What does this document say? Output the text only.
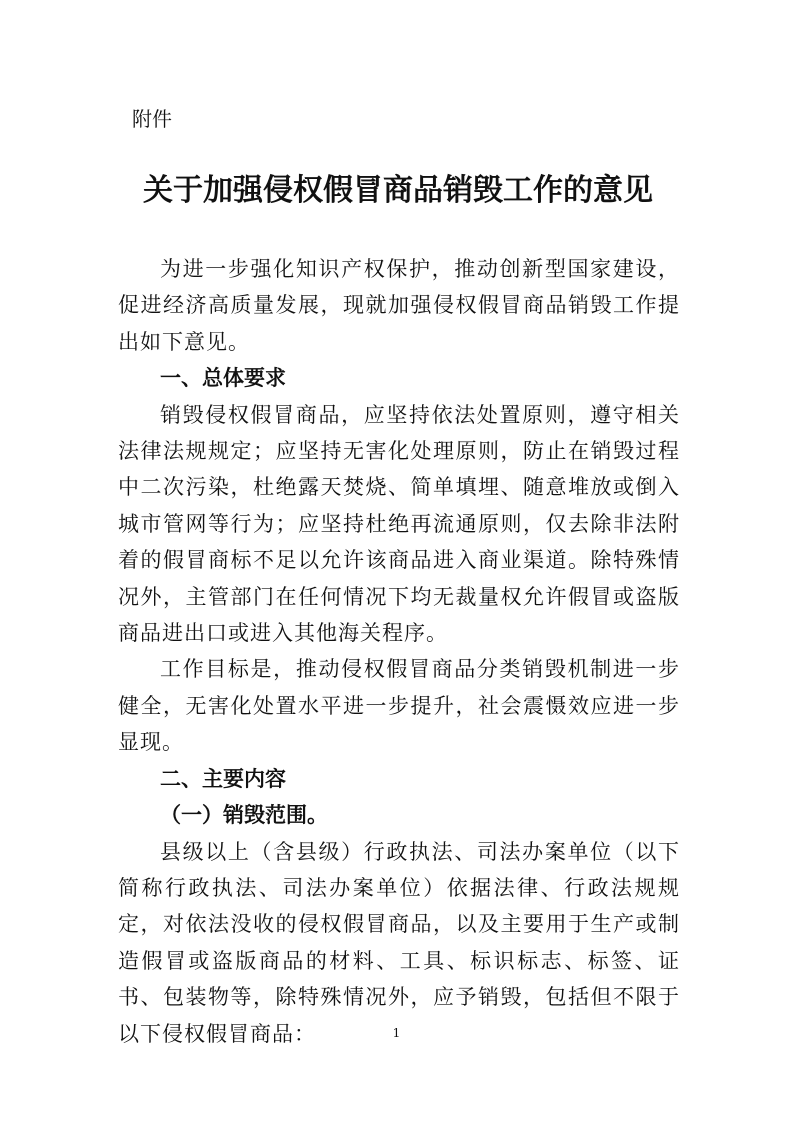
附件

关于加强侵权假冒商品销毁工作的意见

为进一步强化知识产权保护，推动创新型国家建设，促进经济高质量发展，现就加强侵权假冒商品销毁工作提出如下意见。

一、总体要求

销毁侵权假冒商品，应坚持依法处置原则，遵守相关法律法规规定；应坚持无害化处理原则，防止在销毁过程中二次污染，杜绝露天焚烧、简单填埋、随意堆放或倒入城市管网等行为；应坚持杜绝再流通原则，仅去除非法附着的假冒商标不足以允许该商品进入商业渠道。除特殊情况外，主管部门在任何情况下均无裁量权允许假冒或盗版商品进出口或进入其他海关程序。

工作目标是，推动侵权假冒商品分类销毁机制进一步健全，无害化处置水平进一步提升，社会震慑效应进一步显现。

二、主要内容

（一）销毁范围。

县级以上（含县级）行政执法、司法办案单位（以下简称行政执法、司法办案单位）依据法律、行政法规规定，对依法没收的侵权假冒商品，以及主要用于生产或制造假冒或盗版商品的材料、工具、标识标志、标签、证书、包装物等，除特殊情况外，应予销毁，包括但不限于以下侵权假冒商品：	1
